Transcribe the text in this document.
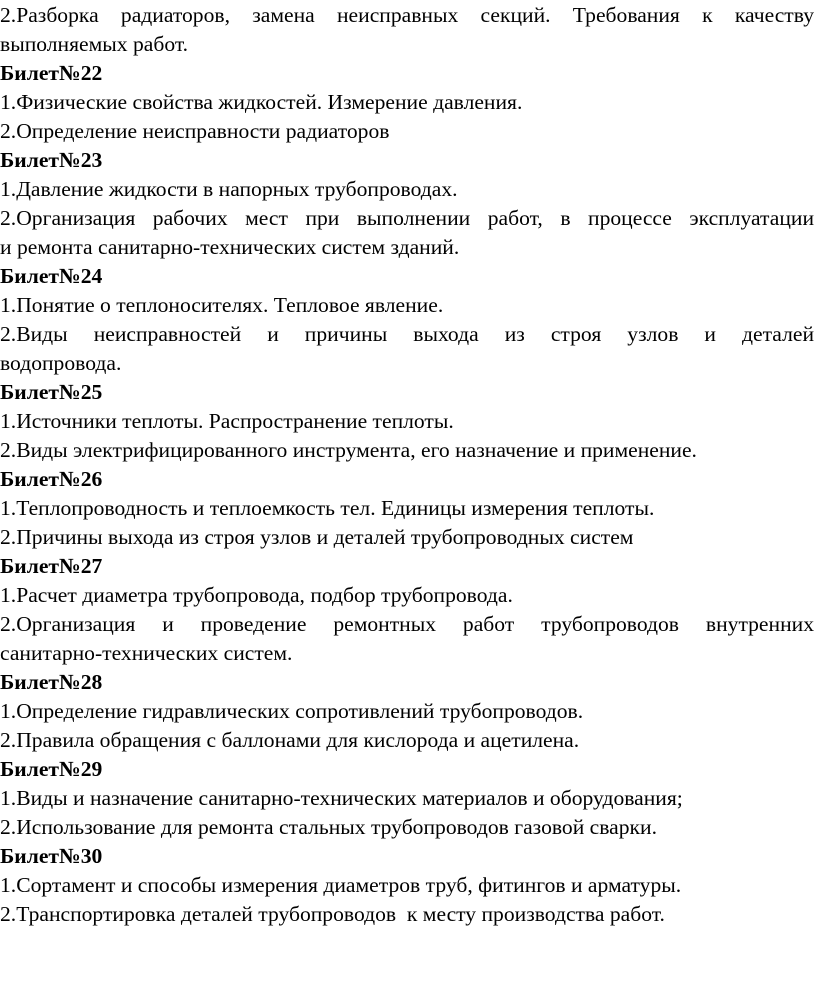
2.Разборка радиаторов, замена неисправных секций. Требования к качеству
выполняемых работ.
Билет№22
1.Физические свойства жидкостей. Измерение давления.
2.Определение неисправности радиаторов
Билет№23
1.Давление жидкости в напорных трубопроводах.
2.Организация рабочих мест при выполнении работ, в процессе эксплуатации
и ремонта санитарно-технических систем зданий.
Билет№24
1.Понятие о теплоносителях. Тепловое явление.
2.Виды неисправностей и причины выхода из строя узлов и деталей
водопровода.
Билет№25
1.Источники теплоты. Распространение теплоты.
2.Виды электрифицированного инструмента, его назначение и применение.
Билет№26
1.Теплопроводность и теплоемкость тел. Единицы измерения теплоты.
2.Причины выхода из строя узлов и деталей трубопроводных систем
Билет№27
1.Расчет диаметра трубопровода, подбор трубопровода.
2.Организация и проведение ремонтных работ трубопроводов внутренних
санитарно-технических систем.
Билет№28
1.Определение гидравлических сопротивлений трубопроводов.
2.Правила обращения с баллонами для кислорода и ацетилена.
Билет№29
1.Виды и назначение санитарно-технических материалов и оборудования;
2.Использование для ремонта стальных трубопроводов газовой сварки.
Билет№30
1.Сортамент и способы измерения диаметров труб, фитингов и арматуры.
2.Транспортировка деталей трубопроводов  к месту производства работ.
